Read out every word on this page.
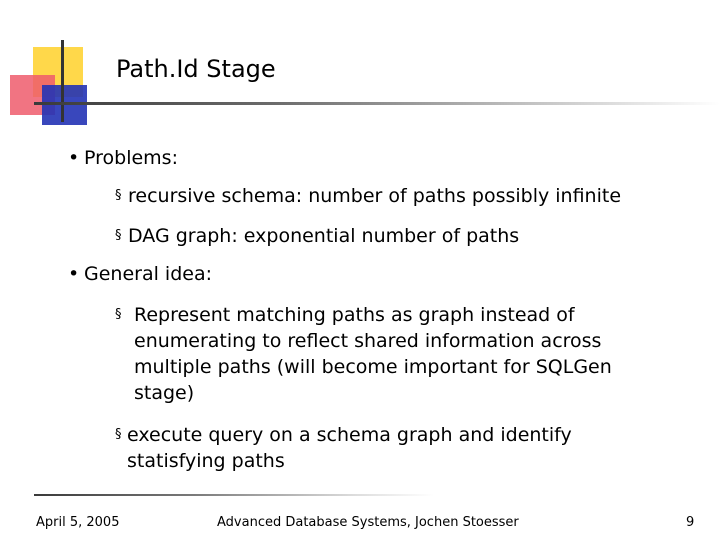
Path.Id Stage
• Problems:
§ recursive schema: number of paths possibly infinite
§ DAG graph: exponential number of paths
• General idea:
§ Represent matching paths as graph instead of enumerating to reflect shared information across multiple paths (will become important for SQLGen stage)
§ execute query on a schema graph and identify statisfying paths
April 5, 2005	Advanced Database Systems, Jochen Stoesser	9
